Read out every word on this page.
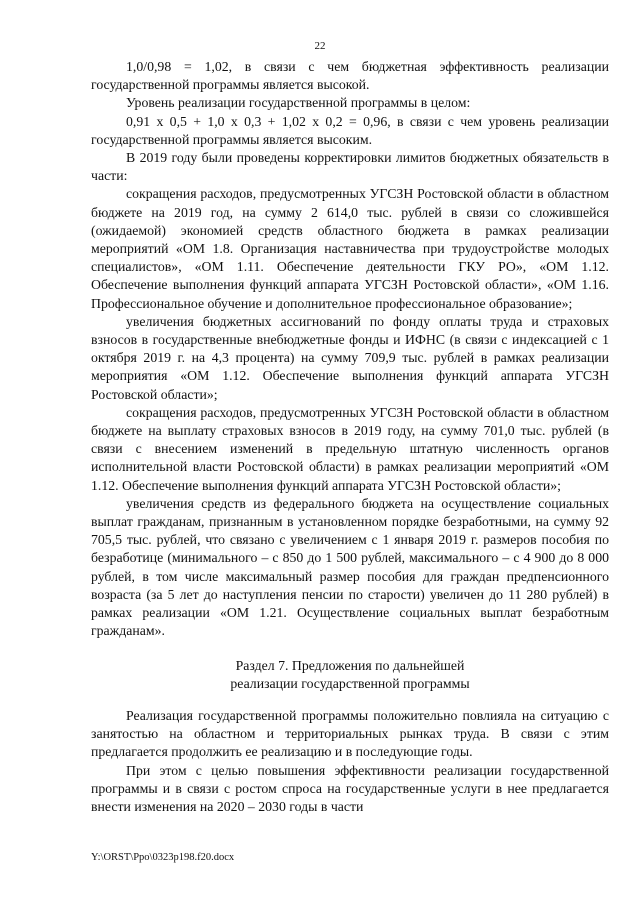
22

1,0/0,98 = 1,02, в связи с чем бюджетная эффективность реализации государственной программы является высокой.

Уровень реализации государственной программы в целом:

0,91 x 0,5 + 1,0 x 0,3 + 1,02 x 0,2 = 0,96, в связи с чем уровень реализации государственной программы является высоким.

В 2019 году были проведены корректировки лимитов бюджетных обязательств в части:

сокращения расходов, предусмотренных УГСЗН Ростовской области в областном бюджете на 2019 год, на сумму 2 614,0 тыс. рублей в связи со сложившейся (ожидаемой) экономией средств областного бюджета в рамках реализации мероприятий «ОМ 1.8. Организация наставничества при трудоустройстве молодых специалистов», «ОМ 1.11. Обеспечение деятельности ГКУ РО», «ОМ 1.12. Обеспечение выполнения функций аппарата УГСЗН Ростовской области», «ОМ 1.16. Профессиональное обучение и дополнительное профессиональное образование»;

увеличения бюджетных ассигнований по фонду оплаты труда и страховых взносов в государственные внебюджетные фонды и ИФНС (в связи с индексацией с 1 октября 2019 г. на 4,3 процента) на сумму 709,9 тыс. рублей в рамках реализации мероприятия «ОМ 1.12. Обеспечение выполнения функций аппарата УГСЗН Ростовской области»;

сокращения расходов, предусмотренных УГСЗН Ростовской области в областном бюджете на выплату страховых взносов в 2019 году, на сумму 701,0 тыс. рублей (в связи с внесением изменений в предельную штатную численность органов исполнительной власти Ростовской области) в рамках реализации мероприятий «ОМ 1.12. Обеспечение выполнения функций аппарата УГСЗН Ростовской области»;

увеличения средств из федерального бюджета на осуществление социальных выплат гражданам, признанным в установленном порядке безработными, на сумму 92 705,5 тыс. рублей, что связано с увеличением с 1 января 2019 г. размеров пособия по безработице (минимального – с 850 до 1 500 рублей, максимального – с 4 900 до 8 000 рублей, в том числе максимальный размер пособия для граждан предпенсионного возраста (за 5 лет до наступления пенсии по старости) увеличен до 11 280 рублей) в рамках реализации «ОМ 1.21. Осуществление социальных выплат безработным гражданам».

Раздел 7. Предложения по дальнейшей
реализации государственной программы

Реализация государственной программы положительно повлияла на ситуацию с занятостью на областном и территориальных рынках труда. В связи с этим предлагается продолжить ее реализацию и в последующие годы.

При этом с целью повышения эффективности реализации государственной программы и в связи с ростом спроса на государственные услуги в нее предлагается внести изменения на 2020 – 2030 годы в части

Y:\ORST\Ppo\0323p198.f20.docx
